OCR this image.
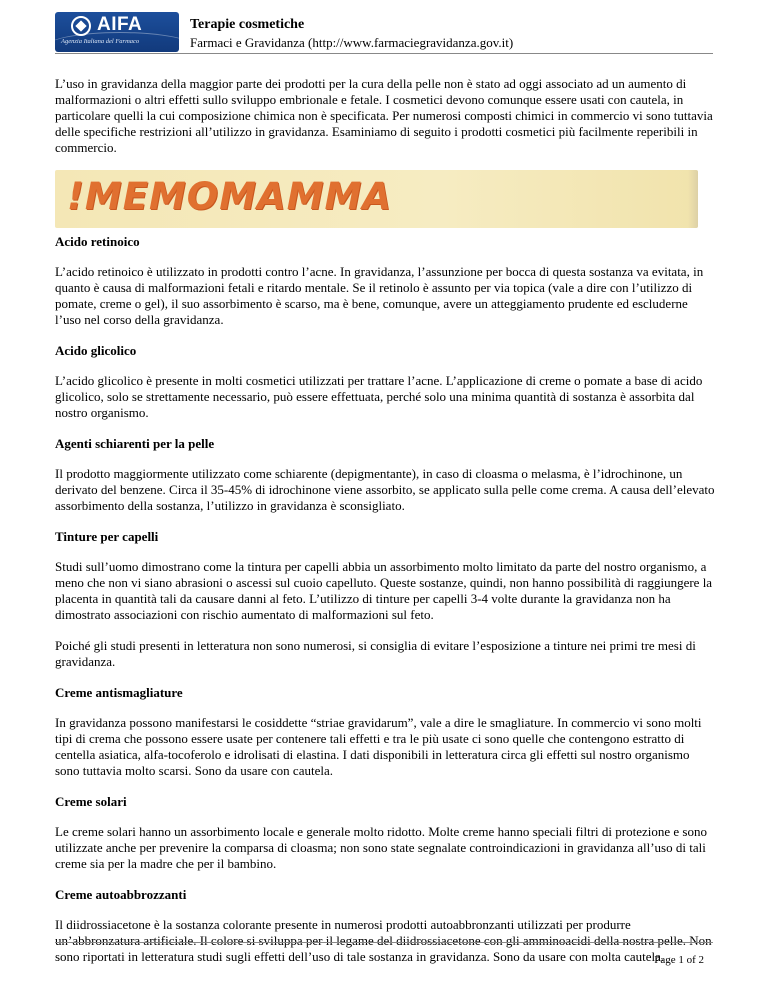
AIFA
Agenzia Italiana del Farmaco
Terapie cosmetiche
Farmaci e Gravidanza (http://www.farmaciegravidanza.gov.it)

L’uso in gravidanza della maggior parte dei prodotti per la cura della pelle non è stato ad oggi associato ad un aumento di malformazioni o altri effetti sullo sviluppo embrionale e fetale. I cosmetici devono comunque essere usati con cautela, in particolare quelli la cui composizione chimica non è specificata. Per numerosi composti chimici in commercio vi sono tuttavia delle specifiche restrizioni all’utilizzo in gravidanza. Esaminiamo di seguito i prodotti cosmetici più facilmente reperibili in commercio.

!MEMOMAMMA
Acido retinoico

L’acido retinoico è utilizzato in prodotti contro l’acne. In gravidanza, l’assunzione per bocca di questa sostanza va evitata, in quanto è causa di malformazioni fetali e ritardo mentale. Se il retinolo è assunto per via topica (vale a dire con l’utilizzo di pomate, creme o gel), il suo assorbimento è scarso, ma è bene, comunque, avere un atteggiamento prudente ed escluderne l’uso nel corso della gravidanza.

Acido glicolico

L’acido glicolico è presente in molti cosmetici utilizzati per trattare l’acne. L’applicazione di creme o pomate a base di acido glicolico, solo se strettamente necessario, può essere effettuata, perché solo una minima quantità di sostanza è assorbita dal nostro organismo.

Agenti schiarenti per la pelle

Il prodotto maggiormente utilizzato come schiarente (depigmentante), in caso di cloasma o melasma, è l’idrochinone, un derivato del benzene. Circa il 35-45% di idrochinone viene assorbito, se applicato sulla pelle come crema. A causa dell’elevato assorbimento della sostanza, l’utilizzo in gravidanza è sconsigliato.

Tinture per capelli

Studi sull’uomo dimostrano come la tintura per capelli abbia un assorbimento molto limitato da parte del nostro organismo, a meno che non vi siano abrasioni o ascessi sul cuoio capelluto. Queste sostanze, quindi, non hanno possibilità di raggiungere la placenta in quantità tali da causare danni al feto. L’utilizzo di tinture per capelli 3-4 volte durante la gravidanza non ha dimostrato associazioni con rischio aumentato di malformazioni sul feto.

Poiché gli studi presenti in letteratura non sono numerosi, si consiglia di evitare l’esposizione a tinture nei primi tre mesi di gravidanza.

Creme antismagliature

In gravidanza possono manifestarsi le cosiddette “striae gravidarum”, vale a dire le smagliature. In commercio vi sono molti tipi di crema che possono essere usate per contenere tali effetti e tra le più usate ci sono quelle che contengono estratto di centella asiatica, alfa-tocoferolo e idrolisati di elastina. I dati disponibili in letteratura circa gli effetti sul nostro organismo sono tuttavia molto scarsi. Sono da usare con cautela.

Creme solari

Le creme solari hanno un assorbimento locale e generale molto ridotto. Molte creme hanno speciali filtri di protezione e sono utilizzate anche per prevenire la comparsa di cloasma; non sono state segnalate controindicazioni in gravidanza all’uso di tali creme sia per la madre che per il bambino.

Creme autoabbrozzanti

Il diidrossiacetone è la sostanza colorante presente in numerosi prodotti autoabbronzanti utilizzati per produrre un’abbronzatura artificiale. Il colore si sviluppa per il legame del diidrossiacetone con gli amminoacidi della nostra pelle. Non sono riportati in letteratura studi sugli effetti dell’uso di tale sostanza in gravidanza. Sono da usare con molta cautela.

Page 1 of 2
